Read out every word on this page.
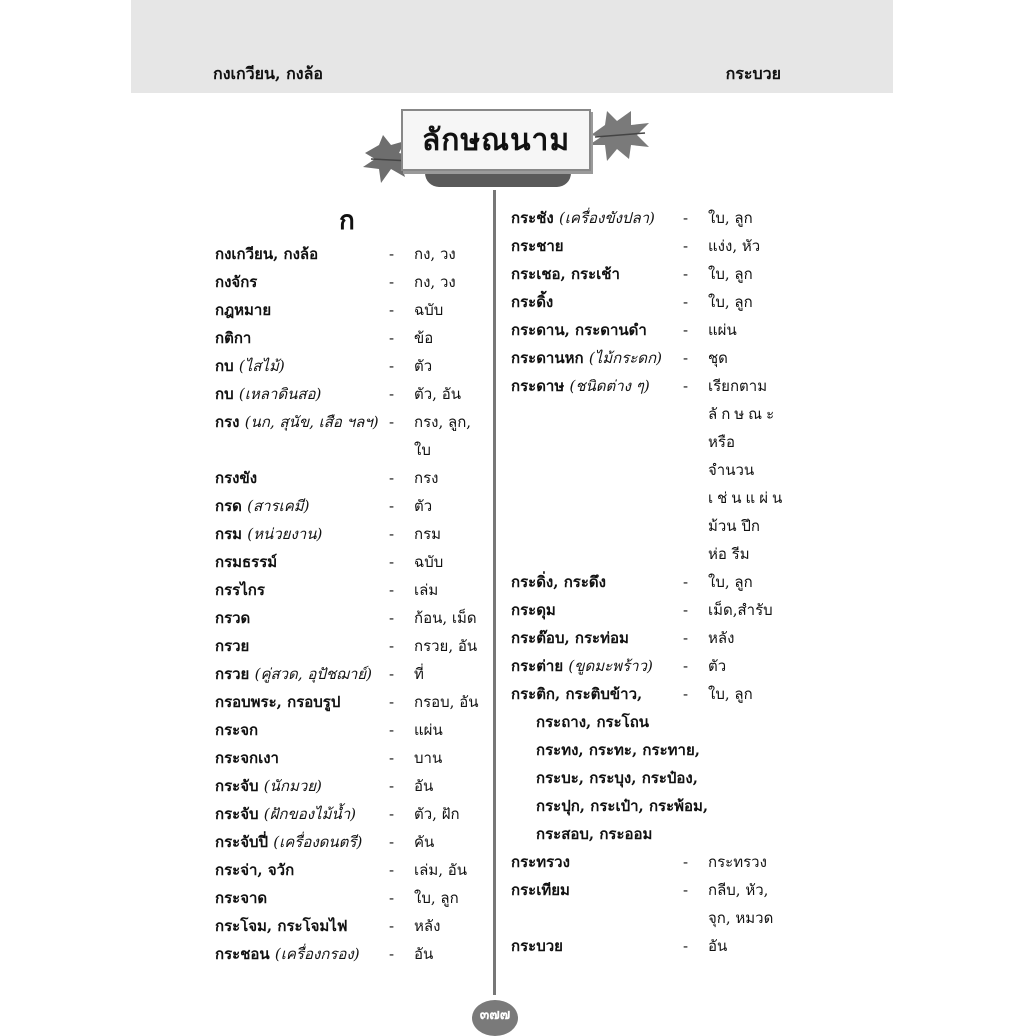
กงเกวียน, กงล้อ	กระบวย
ลักษณนาม
๓๗๗
ก
กงเกวียน, กงล้อ	- กง, วง
กงจักร	- กง, วง
กฎหมาย	- ฉบับ
กติกา	- ข้อ
กบ (ไสไม้)	- ตัว
กบ (เหลาดินสอ)	- ตัว, อัน
กรง (นก, สุนัข, เสือ ฯลฯ) - กรง, ลูก,
ใบ
กรงขัง	- กรง
กรด (สารเคมี)	- ตัว
กรม (หน่วยงาน)	- กรม
กรมธรรม์	- ฉบับ
กรรไกร	- เล่ม
กรวด	- ก้อน, เม็ด
กรวย	- กรวย, อัน
กรวย (คู่สวด, อุปัชฌาย์) - ที่
กรอบพระ, กรอบรูป	- กรอบ, อัน
กระจก	- แผ่น
กระจกเงา	- บาน
กระจับ (นักมวย)	- อัน
กระจับ (ฝักของไม้น้ำ) - ตัว, ฝัก
กระจับปี่ (เครื่องดนตรี) - คัน
กระจ่า, จวัก	- เล่ม, อัน
กระจาด	- ใบ, ลูก
กระโจม, กระโจมไฟ	- หลัง
กระชอน (เครื่องกรอง) - อัน
กระชัง (เครื่องขังปลา) - ใบ, ลูก
กระชาย	- แง่ง, หัว
กระเชอ, กระเช้า	- ใบ, ลูก
กระดิ้ง	- ใบ, ลูก
กระดาน, กระดานดำ - แผ่น
กระดานหก (ไม้กระดก) - ชุด
กระดาษ (ชนิดต่าง ๆ) - เรียกตาม
ลักษณะ
หรือ
จำนวน
เช่นแผ่น
ม้วน ปึก
ห่อ รีม
กระดิ่ง, กระดึง	- ใบ, ลูก
กระดุม	- เม็ด,สำรับ
กระต๊อบ, กระท่อม	- หลัง
กระต่าย (ขูดมะพร้าว) - ตัว
กระติก, กระติบข้าว,	- ใบ, ลูก
กระถาง, กระโถน
กระทง, กระทะ, กระทาย,
กระบะ, กระบุง, กระป๋อง,
กระปุก, กระเป๋า, กระพ้อม,
กระสอบ, กระออม
กระทรวง	- กระทรวง
กระเทียม	- กลีบ, หัว,
จุก, หมวด
กระบวย	- อัน
